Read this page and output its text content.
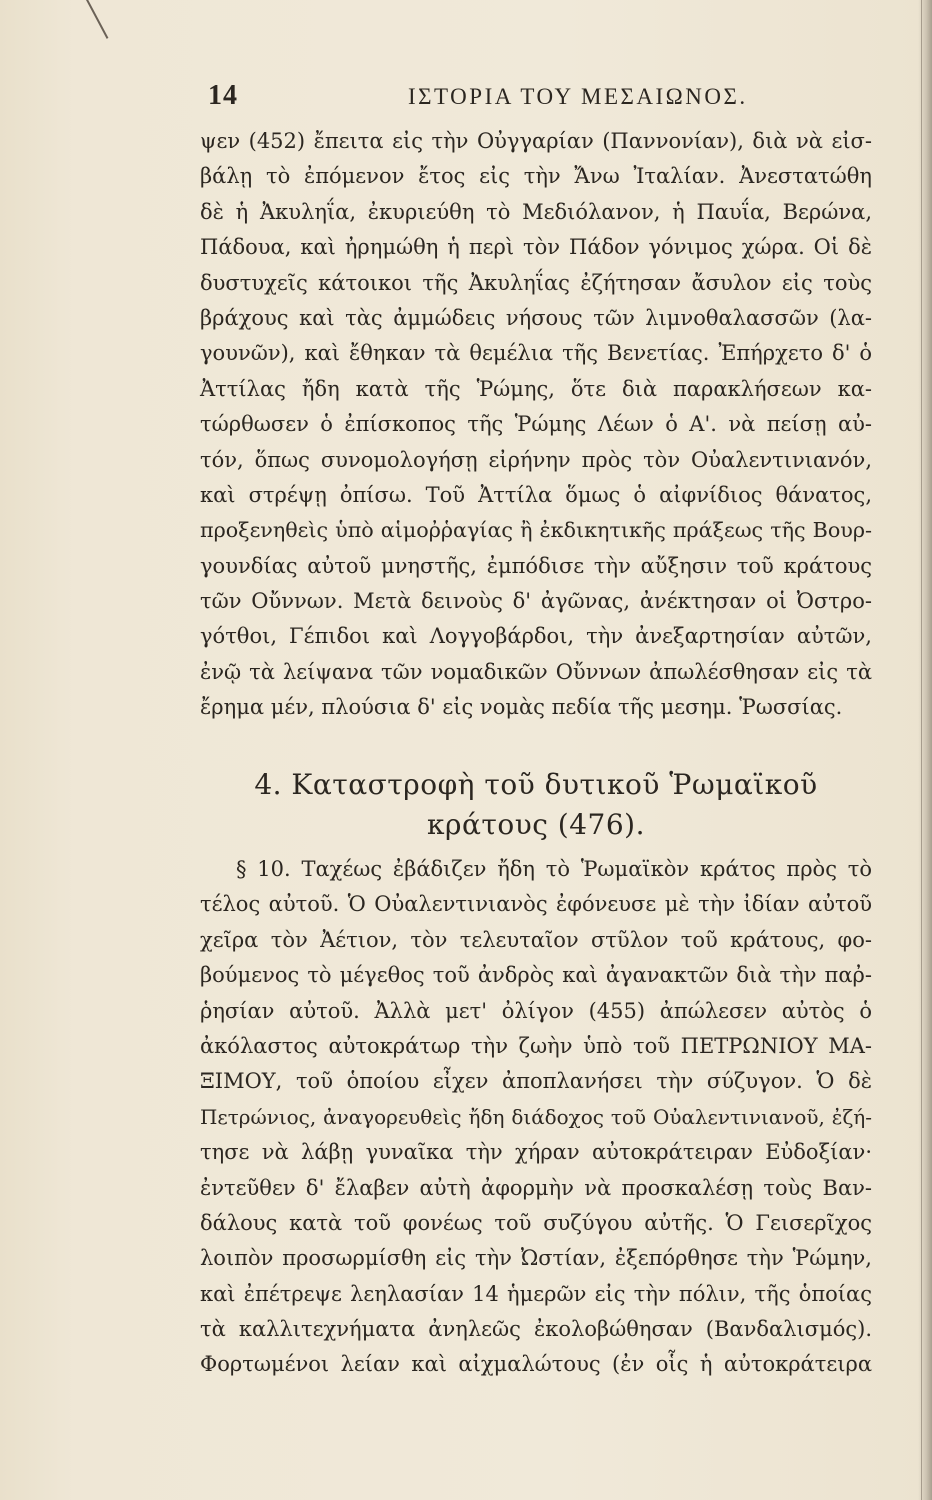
14	ΙΣΤΟΡΙΑ ΤΟΥ ΜΕΣΑΙΩΝΟΣ.
ψεν (452) ἔπειτα εἰς τὴν Οὐγγαρίαν (Παννονίαν), διὰ νὰ εἰσ-
βάλῃ τὸ ἐπόμενον ἔτος εἰς τὴν Ἄνω Ἰταλίαν. Ἀνεστατώθη
δὲ ἡ Ἀκυληΐα, ἐκυριεύθη τὸ Μεδιόλανον, ἡ Παυΐα, Βερώνα,
Πάδουα, καὶ ἠρημώθη ἡ περὶ τὸν Πάδον γόνιμος χώρα. Οἱ δὲ
δυστυχεῖς κάτοικοι τῆς Ἀκυληΐας ἐζήτησαν ἄσυλον εἰς τοὺς
βράχους καὶ τὰς ἀμμώδεις νήσους τῶν λιμνοθαλασσῶν (λα-
γουνῶν), καὶ ἔθηκαν τὰ θεμέλια τῆς Βενετίας. Ἐπήρχετο δ' ὁ
Ἀττίλας ἤδη κατὰ τῆς Ῥώμης, ὅτε διὰ παρακλήσεων κα-
τώρθωσεν ὁ ἐπίσκοπος τῆς Ῥώμης Λέων ὁ Α'. νὰ πείσῃ αὐ-
τόν, ὅπως συνομολογήσῃ εἰρήνην πρὸς τὸν Οὐαλεντινιανόν,
καὶ στρέψῃ ὀπίσω. Τοῦ Ἀττίλα ὅμως ὁ αἰφνίδιος θάνατος,
προξενηθεὶς ὑπὸ αἱμοῤῥαγίας ἢ ἐκδικητικῆς πράξεως τῆς Βουρ-
γουνδίας αὐτοῦ μνηστῆς, ἐμπόδισε τὴν αὔξησιν τοῦ κράτους
τῶν Οὔννων. Μετὰ δεινοὺς δ' ἀγῶνας, ἀνέκτησαν οἱ Ὀστρο-
γότθοι, Γέπιδοι καὶ Λογγοβάρδοι, τὴν ἀνεξαρτησίαν αὐτῶν,
ἐνῷ τὰ λείψανα τῶν νομαδικῶν Οὔννων ἀπωλέσθησαν εἰς τὰ
ἔρημα μέν, πλούσια δ' εἰς νομὰς πεδία τῆς μεσημ. Ῥωσσίας.
4. Καταστροφὴ τοῦ δυτικοῦ Ῥωμαϊκοῦ
κράτους (476).
§ 10. Ταχέως ἐβάδιζεν ἤδη τὸ Ῥωμαϊκὸν κράτος πρὸς τὸ
τέλος αὐτοῦ. Ὁ Οὐαλεντινιανὸς ἐφόνευσε μὲ τὴν ἰδίαν αὐτοῦ
χεῖρα τὸν Ἀέτιον, τὸν τελευταῖον στῦλον τοῦ κράτους, φο-
βούμενος τὸ μέγεθος τοῦ ἀνδρὸς καὶ ἀγανακτῶν διὰ τὴν παῤ-
ῥησίαν αὐτοῦ. Ἀλλὰ μετ' ὀλίγον (455) ἀπώλεσεν αὐτὸς ὁ
ἀκόλαστος αὐτοκράτωρ τὴν ζωὴν ὑπὸ τοῦ ΠΕΤΡΩΝΙΟΥ ΜΑ-
ΞΙΜΟΥ, τοῦ ὁποίου εἶχεν ἀποπλανήσει τὴν σύζυγον. Ὁ δὲ
Πετρώνιος, ἀναγορευθεὶς ἤδη διάδοχος τοῦ Οὐαλεντινιανοῦ, ἐζή-
τησε νὰ λάβῃ γυναῖκα τὴν χήραν αὐτοκράτειραν Εὐδοξίαν·
ἐντεῦθεν δ' ἔλαβεν αὐτὴ ἀφορμὴν νὰ προσκαλέσῃ τοὺς Βαν-
δάλους κατὰ τοῦ φονέως τοῦ συζύγου αὐτῆς. Ὁ Γεισερῖχος
λοιπὸν προσωρμίσθη εἰς τὴν Ὠστίαν, ἐξεπόρθησε τὴν Ῥώμην,
καὶ ἐπέτρεψε λεηλασίαν 14 ἡμερῶν εἰς τὴν πόλιν, τῆς ὁποίας
τὰ καλλιτεχνήματα ἀνηλεῶς ἐκολοβώθησαν (Βανδαλισμός).
Φορτωμένοι λείαν καὶ αἰχμαλώτους (ἐν οἷς ἡ αὐτοκράτειρα
